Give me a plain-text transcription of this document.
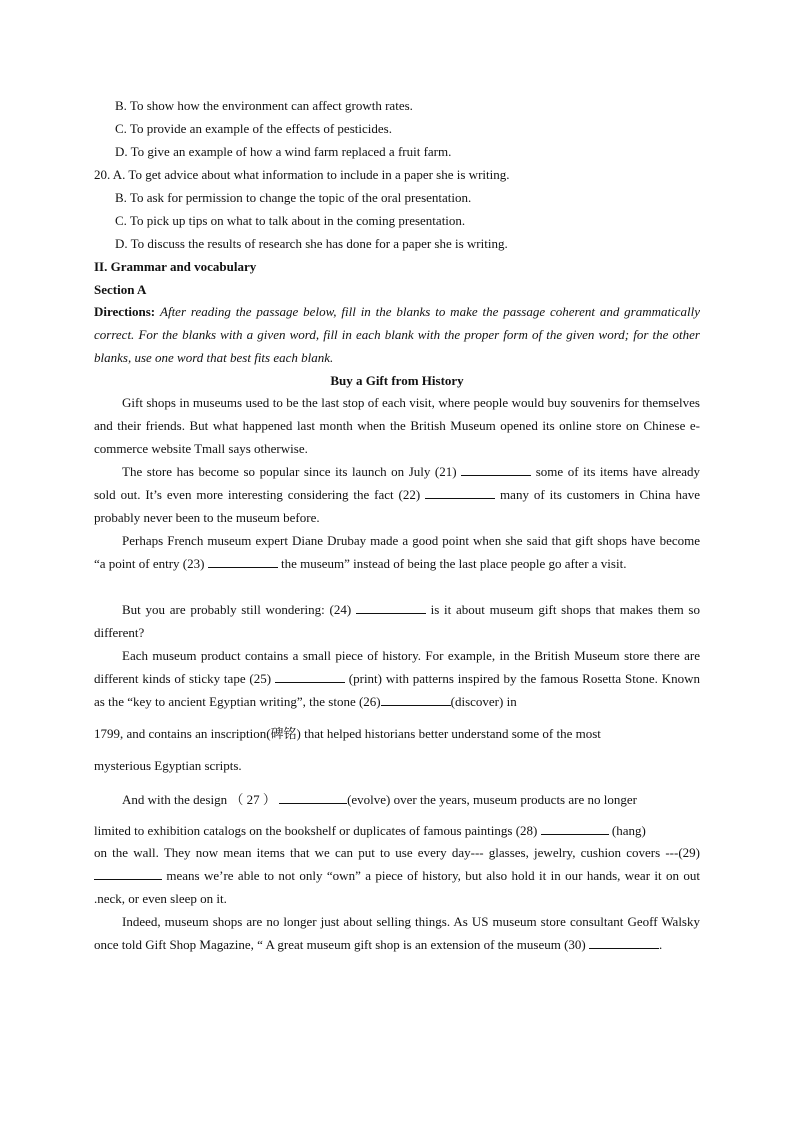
B. To show how the environment can affect growth rates.
C. To provide an example of the effects of pesticides.
D. To give an example of how a wind farm replaced a fruit farm.
20. A. To get advice about what information to include in a paper she is writing.
B. To ask for permission to change the topic of the oral presentation.
C. To pick up tips on what to talk about in the coming presentation.
D. To discuss the results of research she has done for a paper she is writing.
II. Grammar and vocabulary
Section A
Directions: After reading the passage below, fill in the blanks to make the passage coherent and grammatically correct. For the blanks with a given word, fill in each blank with the proper form of the given word; for the other blanks, use one word that best fits each blank.
Buy a Gift from History
Gift shops in museums used to be the last stop of each visit, where people would buy souvenirs for themselves and their friends. But what happened last month when the British Museum opened its online store on Chinese e-commerce website Tmall says otherwise.
The store has become so popular since its launch on July (21)	some of its items have already sold out. It’s even more interesting considering the fact (22)	many of its customers in China have probably never been to the museum before.
Perhaps French museum expert Diane Drubay made a good point when she said that gift shops have become “a point of entry (23)	the museum” instead of being the last place people go after a visit.
But you are probably still wondering: (24)	is it about museum gift shops that makes them so different?
Each museum product contains a small piece of history. For example, in the British Museum store there are different kinds of sticky tape (25)	(print) with patterns inspired by the famous Rosetta Stone. Known as the “key to ancient Egyptian writing”, the stone (26)	(discover) in
1799, and contains an inscription(碑铭) that helped historians better understand some of the most
mysterious Egyptian scripts.
And with the design （ 27 ）	(evolve) over the years, museum products are no longer
limited to exhibition catalogs on the bookshelf or duplicates of famous paintings (28)	(hang)
on the wall. They now mean items that we can put to use every day--- glasses, jewelry, cushion covers ---(29)  means we’re able to not only “own” a piece of history, but also hold it in our hands, wear it on out .neck, or even sleep on it.
Indeed, museum shops are no longer just about selling things. As US museum store consultant Geoff Walsky once told Gift Shop Magazine, “ A great museum gift shop is an extension of the museum (30)	.
